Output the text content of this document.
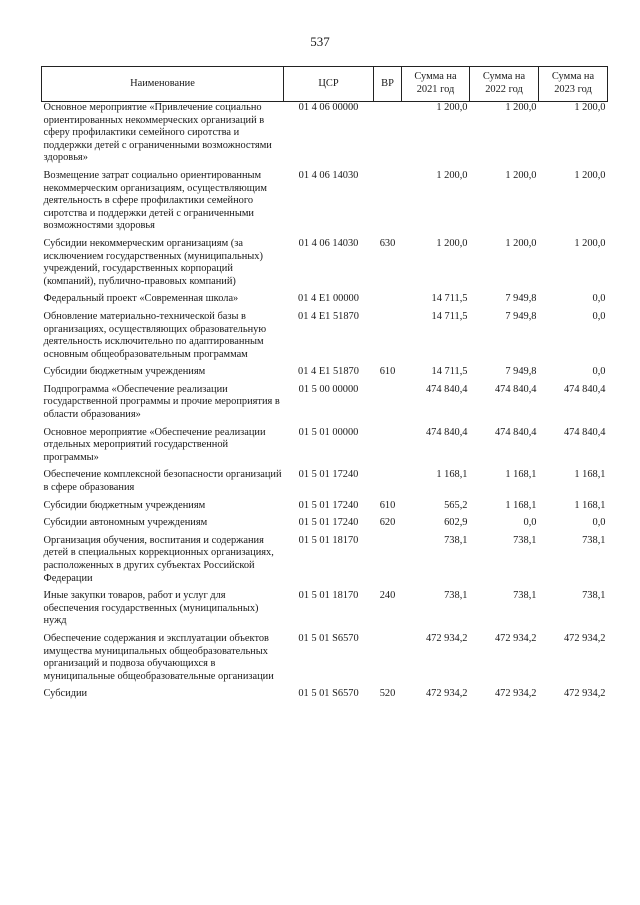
537
Наименование	ЦСР	ВР	Сумма на 2021 год	Сумма на 2022 год	Сумма на 2023 год
Основное мероприятие «Привлечение социально ориентированных некоммерческих организаций в сферу профилактики семейного сиротства и поддержки детей с ограниченными возможностями здоровья»	01 4 06 00000		1 200,0	1 200,0	1 200,0
Возмещение затрат социально ориентированным некоммерческим организациям, осуществляющим деятельность в сфере профилактики семейного сиротства и поддержки детей с ограниченными возможностями здоровья	01 4 06 14030		1 200,0	1 200,0	1 200,0
Субсидии некоммерческим организациям (за исключением государственных (муниципальных) учреждений, государственных корпораций (компаний), публично-правовых компаний)	01 4 06 14030	630	1 200,0	1 200,0	1 200,0
Федеральный проект «Современная школа»	01 4 E1 00000		14 711,5	7 949,8	0,0
Обновление материально-технической базы в организациях, осуществляющих образовательную деятельность исключительно по адаптированным основным общеобразовательным программам	01 4 E1 51870		14 711,5	7 949,8	0,0
Субсидии бюджетным учреждениям	01 4 E1 51870	610	14 711,5	7 949,8	0,0
Подпрограмма «Обеспечение реализации государственной программы и прочие мероприятия в области образования»	01 5 00 00000		474 840,4	474 840,4	474 840,4
Основное мероприятие «Обеспечение реализации отдельных мероприятий государственной программы»	01 5 01 00000		474 840,4	474 840,4	474 840,4
Обеспечение комплексной безопасности организаций в сфере образования	01 5 01 17240		1 168,1	1 168,1	1 168,1
Субсидии бюджетным учреждениям	01 5 01 17240	610	565,2	1 168,1	1 168,1
Субсидии автономным учреждениям	01 5 01 17240	620	602,9	0,0	0,0
Организация обучения, воспитания и содержания детей в специальных коррекционных организациях, расположенных в других субъектах Российской Федерации	01 5 01 18170		738,1	738,1	738,1
Иные закупки товаров, работ и услуг для обеспечения государственных (муниципальных) нужд	01 5 01 18170	240	738,1	738,1	738,1
Обеспечение содержания и эксплуатации объектов имущества муниципальных общеобразовательных организаций и подвоза обучающихся в муниципальные общеобразовательные организации	01 5 01 S6570		472 934,2	472 934,2	472 934,2
Субсидии	01 5 01 S6570	520	472 934,2	472 934,2	472 934,2
